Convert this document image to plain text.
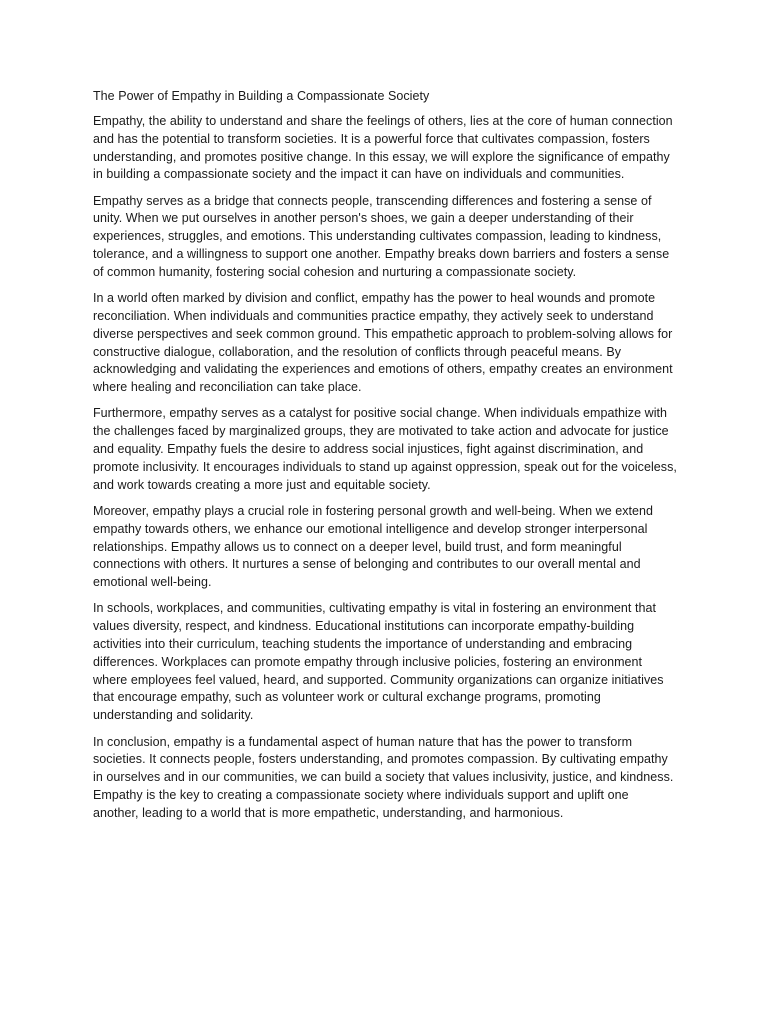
The Power of Empathy in Building a Compassionate Society

Empathy, the ability to understand and share the feelings of others, lies at the core of human connection and has the potential to transform societies. It is a powerful force that cultivates compassion, fosters understanding, and promotes positive change. In this essay, we will explore the significance of empathy in building a compassionate society and the impact it can have on individuals and communities.

Empathy serves as a bridge that connects people, transcending differences and fostering a sense of unity. When we put ourselves in another person's shoes, we gain a deeper understanding of their experiences, struggles, and emotions. This understanding cultivates compassion, leading to kindness, tolerance, and a willingness to support one another. Empathy breaks down barriers and fosters a sense of common humanity, fostering social cohesion and nurturing a compassionate society.

In a world often marked by division and conflict, empathy has the power to heal wounds and promote reconciliation. When individuals and communities practice empathy, they actively seek to understand diverse perspectives and seek common ground. This empathetic approach to problem-solving allows for constructive dialogue, collaboration, and the resolution of conflicts through peaceful means. By acknowledging and validating the experiences and emotions of others, empathy creates an environment where healing and reconciliation can take place.

Furthermore, empathy serves as a catalyst for positive social change. When individuals empathize with the challenges faced by marginalized groups, they are motivated to take action and advocate for justice and equality. Empathy fuels the desire to address social injustices, fight against discrimination, and promote inclusivity. It encourages individuals to stand up against oppression, speak out for the voiceless, and work towards creating a more just and equitable society.

Moreover, empathy plays a crucial role in fostering personal growth and well-being. When we extend empathy towards others, we enhance our emotional intelligence and develop stronger interpersonal relationships. Empathy allows us to connect on a deeper level, build trust, and form meaningful connections with others. It nurtures a sense of belonging and contributes to our overall mental and emotional well-being.

In schools, workplaces, and communities, cultivating empathy is vital in fostering an environment that values diversity, respect, and kindness. Educational institutions can incorporate empathy-building activities into their curriculum, teaching students the importance of understanding and embracing differences. Workplaces can promote empathy through inclusive policies, fostering an environment where employees feel valued, heard, and supported. Community organizations can organize initiatives that encourage empathy, such as volunteer work or cultural exchange programs, promoting understanding and solidarity.

In conclusion, empathy is a fundamental aspect of human nature that has the power to transform societies. It connects people, fosters understanding, and promotes compassion. By cultivating empathy in ourselves and in our communities, we can build a society that values inclusivity, justice, and kindness. Empathy is the key to creating a compassionate society where individuals support and uplift one another, leading to a world that is more empathetic, understanding, and harmonious.
